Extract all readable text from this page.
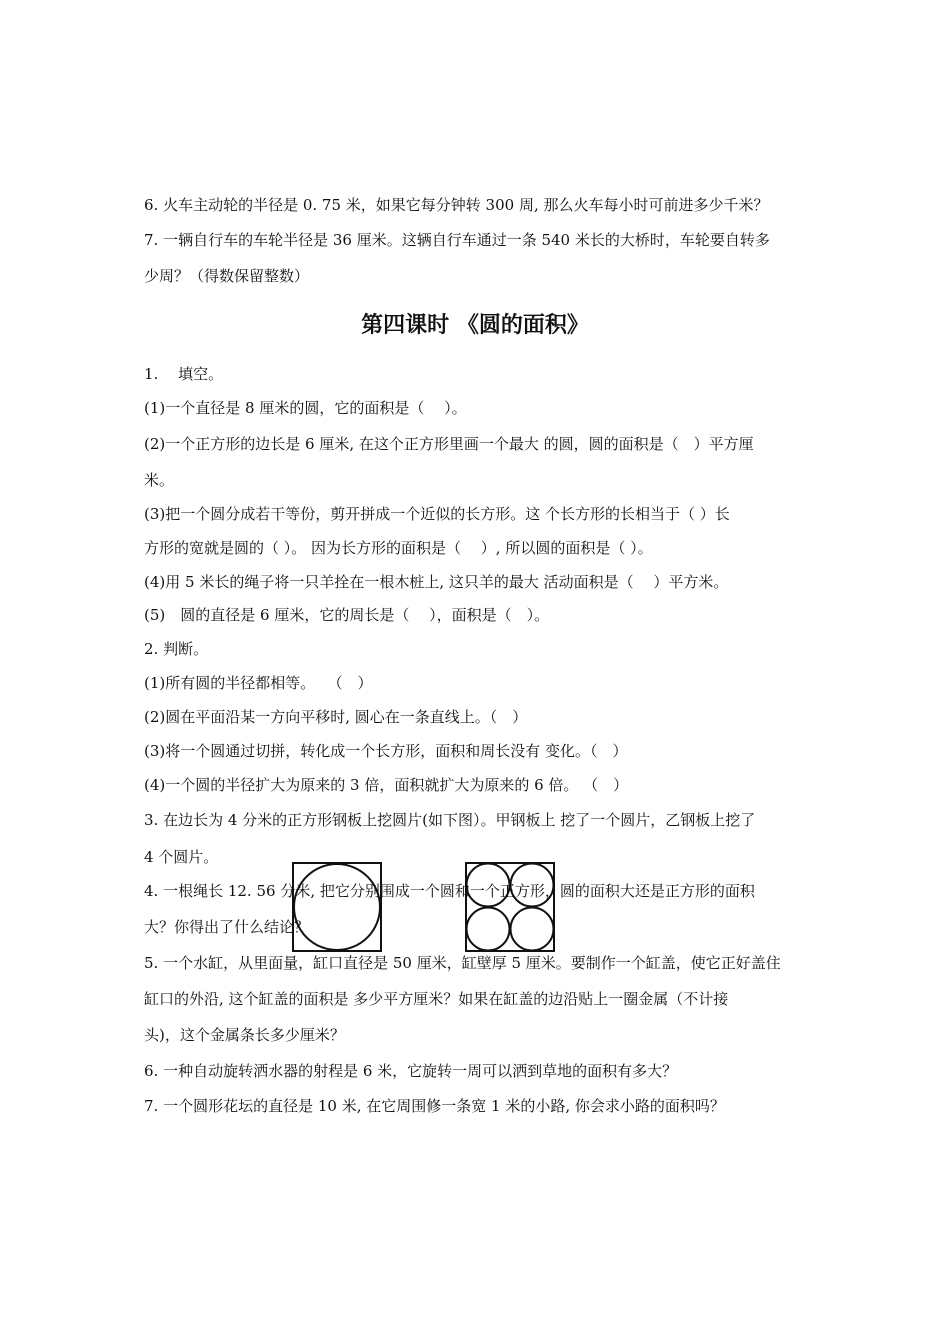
6. 火车主动轮的半径是 0. 75 米，如果它每分钟转 300 周, 那么火车每小时可前进多少千米？
7. 一辆自行车的车轮半径是 36 厘米。这辆自行车通过一条 540 米长的大桥时，车轮要自转多
少周？（得数保留整数）
第四课时 《圆的面积》
1.　 填空。
(1)一个直径是 8 厘米的圆，它的面积是（　 ）。
(2)一个正方形的边长是 6 厘米, 在这个正方形里画一个最大 的圆，圆的面积是（　）平方厘
米。
(3)把一个圆分成若干等份，剪开拼成一个近似的长方形。这 个长方形的长相当于（ ）长
方形的宽就是圆的（ ）。 因为长方形的面积是（　 ）, 所以圆的面积是（ ）。
(4)用 5 米长的绳子将一只羊拴在一根木桩上, 这只羊的最大 活动面积是（　 ）平方米。
(5)　圆的直径是 6 厘米，它的周长是（　 ），面积是（　）。
2. 判断。
(1)所有圆的半径都相等。　 （　）
(2)圆在平面沿某一方向平移时, 圆心在一条直线上。（　）
(3)将一个圆通过切拼，转化成一个长方形，面积和周长没有 变化。（　）
(4)一个圆的半径扩大为原来的 3 倍，面积就扩大为原来的 6 倍。 （　）
3. 在边长为 4 分米的正方形钢板上挖圆片(如下图）。甲钢板上 挖了一个圆片，乙钢板上挖了
4 个圆片。
4. 一根绳长 12. 56 分米, 把它分别围成一个圆和一个正方形，圆的面积大还是正方形的面积
大？你得出了什么结论？
5. 一个水缸，从里面量，缸口直径是 50 厘米，缸壁厚 5 厘米。要制作一个缸盖，使它正好盖住
缸口的外沿, 这个缸盖的面积是 多少平方厘米？如果在缸盖的边沿贴上一圈金属（不计接
头)，这个金属条长多少厘米？
6. 一种自动旋转洒水器的射程是 6 米，它旋转一周可以洒到草地的面积有多大？
7. 一个圆形花坛的直径是 10 米, 在它周围修一条宽 1 米的小路, 你会求小路的面积吗？
